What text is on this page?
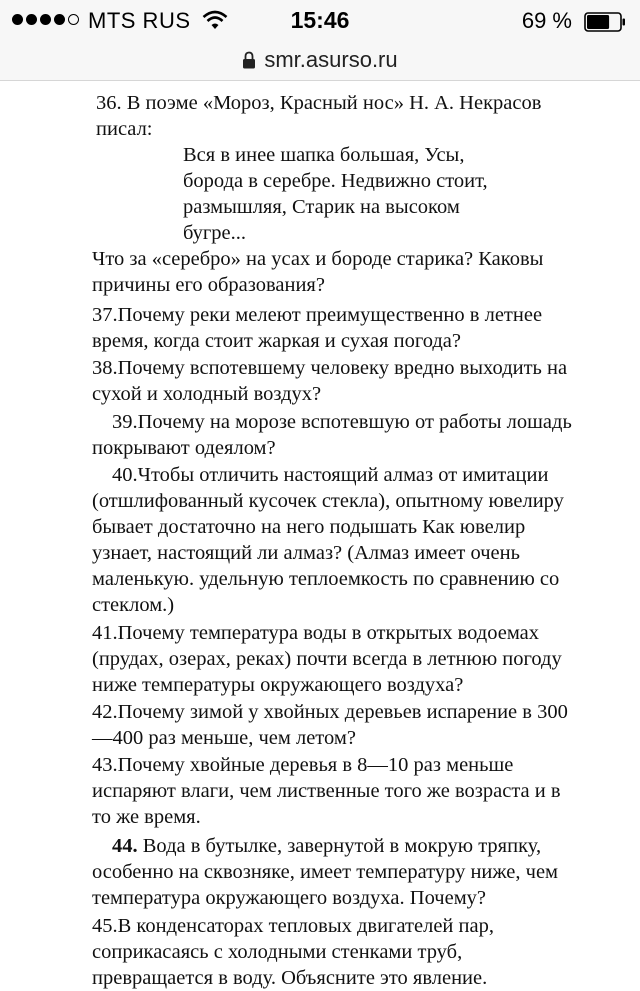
MTS RUS	15:46	69 %
smr.asurso.ru

36. В поэме «Мороз, Красный нос» Н. А. Некрасов

писал:

Вся в инее шапка большая, Усы,

борода в серебре. Недвижно стоит,

размышляя, Старик на высоком

бугре...

Что за «серебро» на усах и бороде старика? Каковы

причины его образования?

37.Почему реки мелеют преимущественно в летнее

время, когда стоит жаркая и сухая погода?

38.Почему вспотевшему человеку вредно выходить на

сухой и холодный воздух?

39.Почему на морозе вспотевшую от работы лошадь

покрывают одеялом?

40.Чтобы отличить настоящий алмаз от имитации

(отшлифованный кусочек стекла), опытному ювелиру

бывает достаточно на него подышать Как ювелир

узнает, настоящий ли алмаз? (Алмаз имеет очень

маленькую. удельную теплоемкость по сравнению со

стеклом.)

41.Почему температура воды в открытых водоемах

(прудах, озерах, реках) почти всегда в летнюю погоду

ниже температуры окружающего воздуха?

42.Почему зимой у хвойных деревьев испарение в 300

—400 раз меньше, чем летом?

43.Почему хвойные деревья в 8—10 раз меньше

испаряют влаги, чем лиственные того же возраста и в

то же время.

44. Вода в бутылке, завернутой в мокрую тряпку,

особенно на сквозняке, имеет температуру ниже, чем

температура окружающего воздуха. Почему?

45.В конденсаторах тепловых двигателей пар,

соприкасаясь с холодными стенками труб,

превращается в воду. Объясните это явление.
